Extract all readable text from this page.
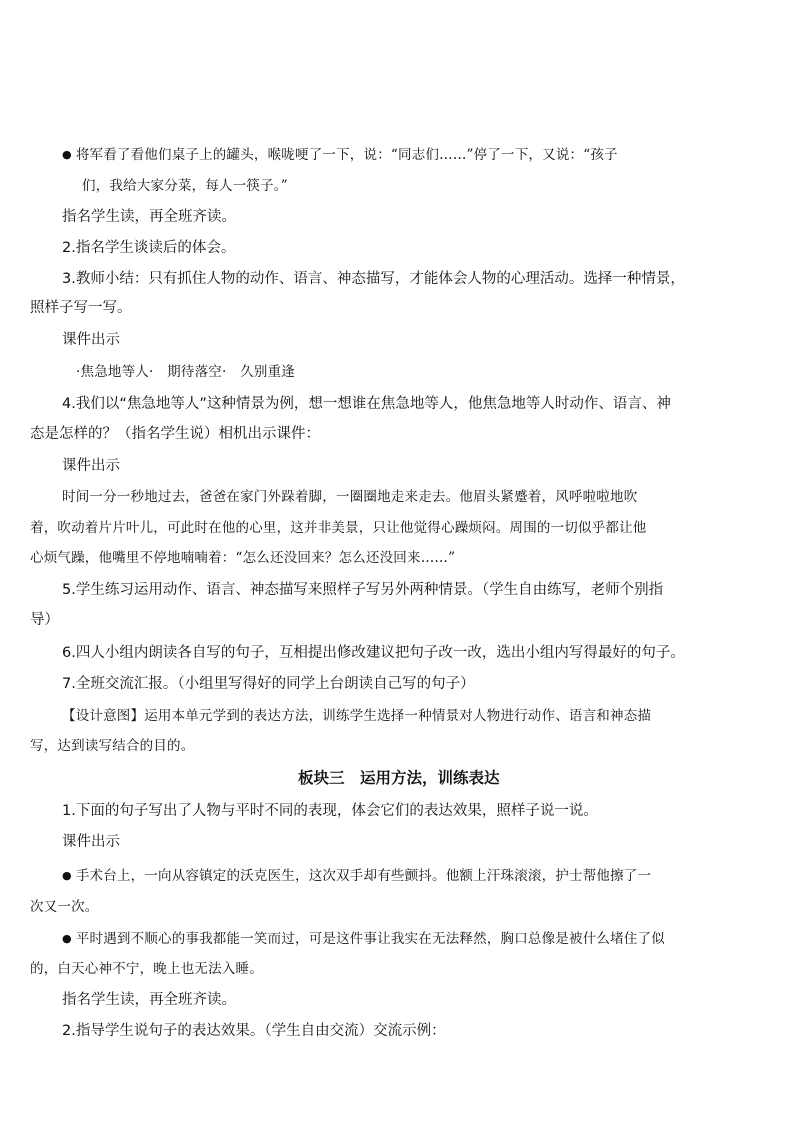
● 将军看了看他们桌子上的罐头，喉咙哽了一下，说：“同志们……”停了一下，又说：“孩子
们，我给大家分菜，每人一筷子。”
指名学生读，再全班齐读。
2.指名学生谈读后的体会。
3.教师小结：只有抓住人物的动作、语言、神态描写，才能体会人物的心理活动。选择一种情景，
照样子写一写。
课件出示
·焦急地等人·　期待落空·　久别重逢
4.我们以“焦急地等人”这种情景为例，想一想谁在焦急地等人，他焦急地等人时动作、语言、神
态是怎样的？（指名学生说）相机出示课件：
课件出示
时间一分一秒地过去，爸爸在家门外跺着脚，一圈圈地走来走去。他眉头紧蹙着，风呼啦啦地吹
着，吹动着片片叶儿，可此时在他的心里，这并非美景，只让他觉得心躁烦闷。周围的一切似乎都让他
心烦气躁，他嘴里不停地喃喃着：“怎么还没回来？怎么还没回来……”
5.学生练习运用动作、语言、神态描写来照样子写另外两种情景。（学生自由练写，老师个别指
导）
6.四人小组内朗读各自写的句子，互相提出修改建议把句子改一改，选出小组内写得最好的句子。
7.全班交流汇报。（小组里写得好的同学上台朗读自己写的句子）
【设计意图】运用本单元学到的表达方法，训练学生选择一种情景对人物进行动作、语言和神态描
写，达到读写结合的目的。
板块三　运用方法，训练表达
1.下面的句子写出了人物与平时不同的表现，体会它们的表达效果，照样子说一说。
课件出示
● 手术台上，一向从容镇定的沃克医生，这次双手却有些颤抖。他额上汗珠滚滚，护士帮他擦了一
次又一次。
● 平时遇到不顺心的事我都能一笑而过，可是这件事让我实在无法释然，胸口总像是被什么堵住了似
的，白天心神不宁，晚上也无法入睡。
指名学生读，再全班齐读。
2.指导学生说句子的表达效果。（学生自由交流）交流示例：
